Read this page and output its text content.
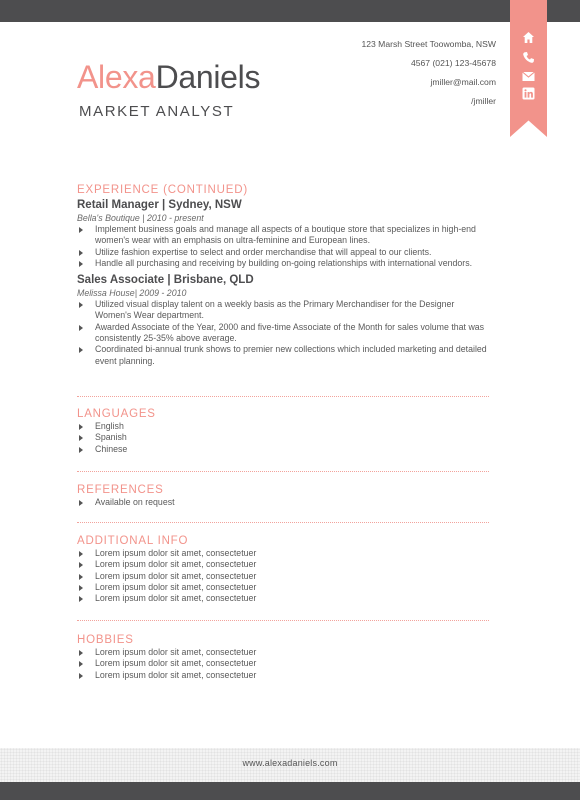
AlexaDaniels
MARKET ANALYST
123 Marsh Street Toowomba, NSW
4567 (021) 123-45678
jmiller@mail.com
/jmiller
EXPERIENCE (CONTINUED)
Retail Manager | Sydney, NSW
Bella's Boutique | 2010 - present
Implement business goals and manage all aspects of a boutique store that specializes in high-end women's wear with an emphasis on ultra-feminine and European lines.
Utilize fashion expertise to select and order merchandise that will appeal to our clients.
Handle all purchasing and receiving by building on-going relationships with international vendors.
Sales Associate | Brisbane, QLD
Melissa House| 2009 - 2010
Utilized visual display talent on a weekly basis as the Primary Merchandiser for the Designer Women's Wear department.
Awarded Associate of the Year, 2000 and five-time Associate of the Month for sales volume that was consistently 25-35% above average.
Coordinated bi-annual trunk shows to premier new collections which included marketing and detailed event planning.
LANGUAGES
English
Spanish
Chinese
REFERENCES
Available on request
ADDITIONAL INFO
Lorem ipsum dolor sit amet, consectetuer
Lorem ipsum dolor sit amet, consectetuer
Lorem ipsum dolor sit amet, consectetuer
Lorem ipsum dolor sit amet, consectetuer
Lorem ipsum dolor sit amet, consectetuer
HOBBIES
Lorem ipsum dolor sit amet, consectetuer
Lorem ipsum dolor sit amet, consectetuer
Lorem ipsum dolor sit amet, consectetuer
www.alexadaniels.com
